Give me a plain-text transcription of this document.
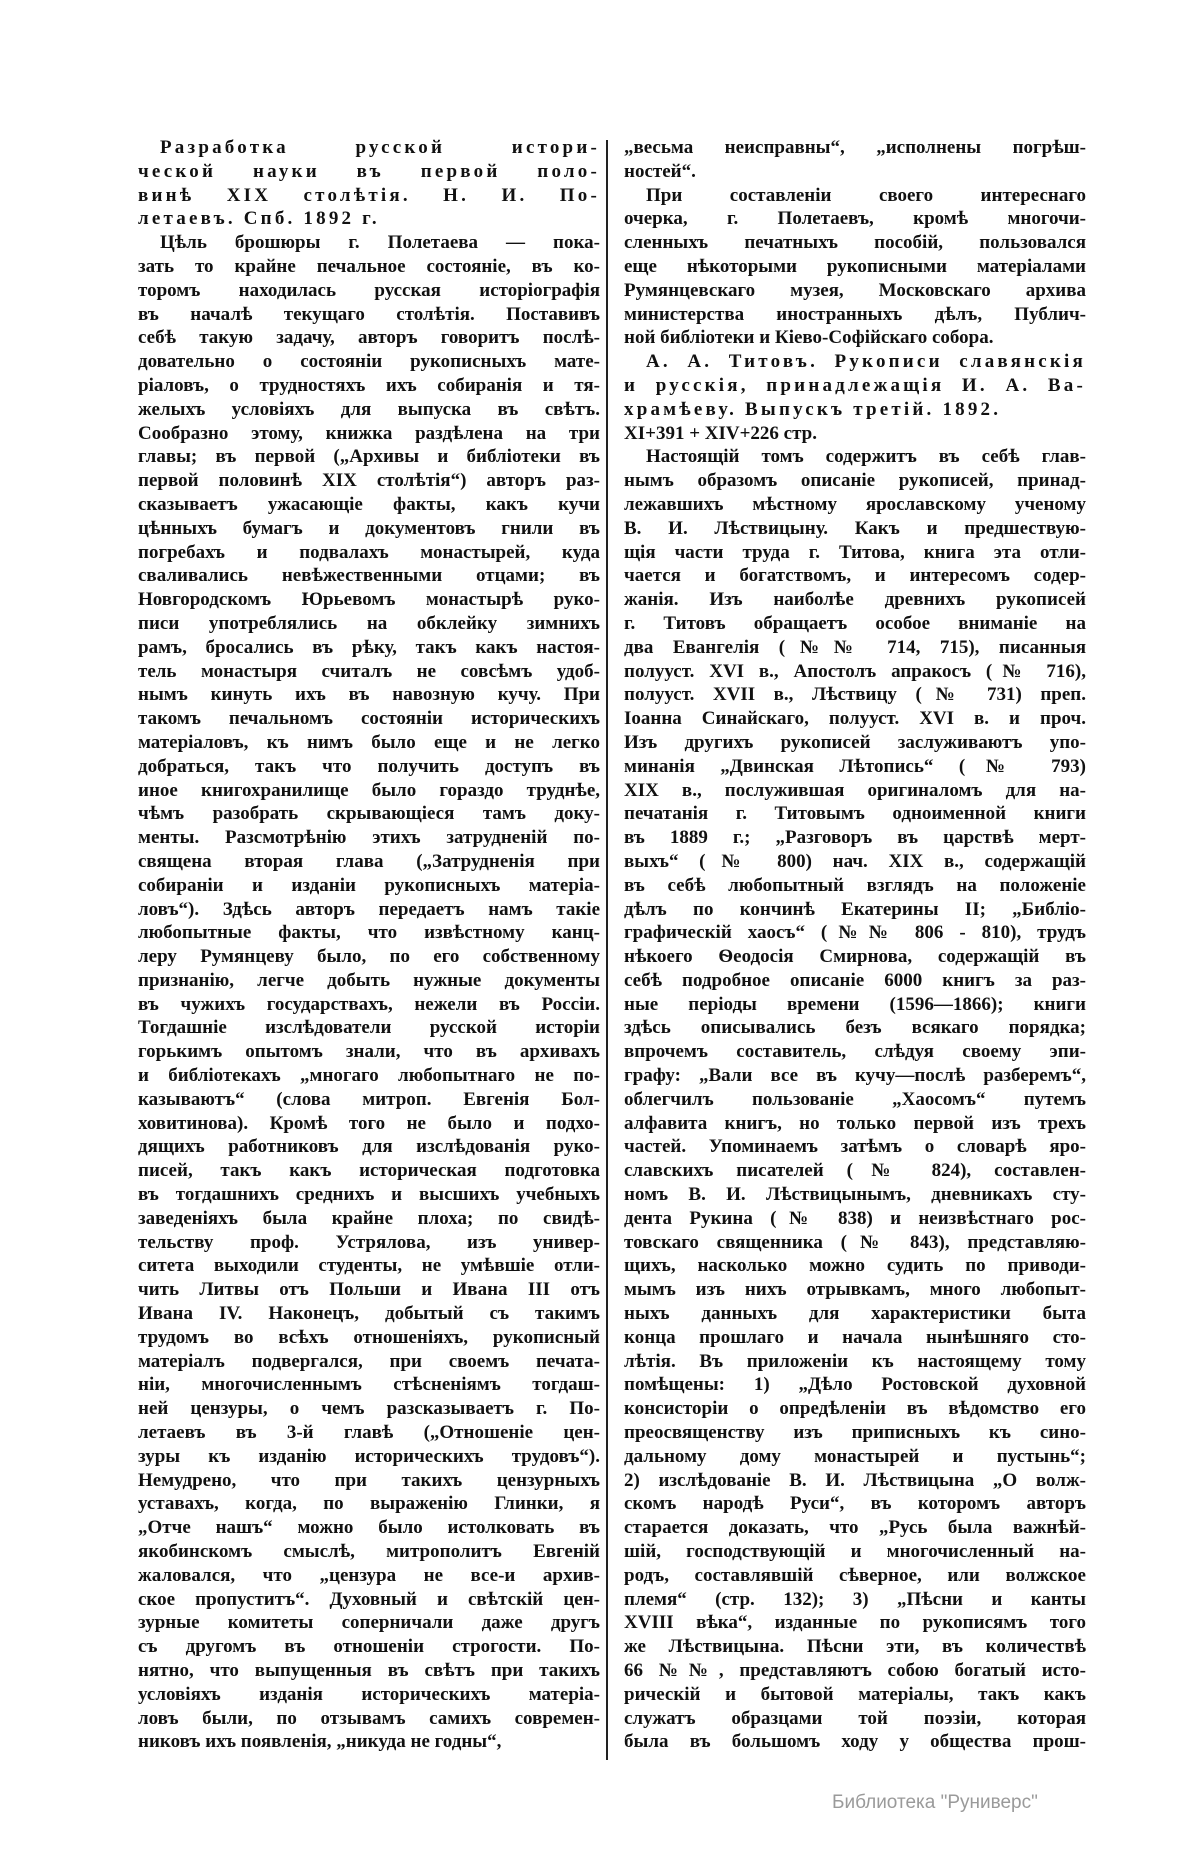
Разработка русской истори-
ческой науки въ первой поло-
винѣ XIX столѣтія. Н. И. По-
летаевъ. Спб. 1892 г.
Цѣль брошюры г. Полетаева — пока-
зать то крайне печальное состояніе, въ ко-
торомъ находилась русская исторіографія
въ началѣ текущаго столѣтія. Поставивъ
себѣ такую задачу, авторъ говоритъ послѣ-
довательно о состояніи рукописныхъ мате-
ріаловъ, о трудностяхъ ихъ собиранія и тя-
желыхъ условіяхъ для выпуска въ свѣтъ.
Сообразно этому, книжка раздѣлена на три
главы; въ первой („Архивы и библіотеки въ
первой половинѣ XIX столѣтія“) авторъ раз-
сказываетъ ужасающіе факты, какъ кучи
цѣнныхъ бумагъ и документовъ гнили въ
погребахъ и подвалахъ монастырей, куда
сваливались невѣжественными отцами; въ
Новгородскомъ Юрьевомъ монастырѣ руко-
писи употреблялись на обклейку зимнихъ
рамъ, бросались въ рѣку, такъ какъ настоя-
тель монастыря считалъ не совсѣмъ удоб-
нымъ кинуть ихъ въ навозную кучу. При
такомъ печальномъ состояніи историческихъ
матеріаловъ, къ нимъ было еще и не легко
добраться, такъ что получить доступъ въ
иное книгохранилище было гораздо труднѣе,
чѣмъ разобрать скрывающіеся тамъ доку-
менты. Разсмотрѣнію этихъ затрудненій по-
священа вторая глава („Затрудненія при
собираніи и изданіи рукописныхъ матеріа-
ловъ“). Здѣсь авторъ передаетъ намъ такіе
любопытные факты, что извѣстному канц-
леру Румянцеву было, по его собственному
признанію, легче добыть нужные документы
въ чужихъ государствахъ, нежели въ Россіи.
Тогдашніе изслѣдователи русской исторіи
горькимъ опытомъ знали, что въ архивахъ
и библіотекахъ „многаго любопытнаго не по-
казываютъ“ (слова митроп. Евгенія Бол-
ховитинова). Кромѣ того не было и подхо-
дящихъ работниковъ для изслѣдованія руко-
писей, такъ какъ историческая подготовка
въ тогдашнихъ среднихъ и высшихъ учебныхъ
заведеніяхъ была крайне плоха; по свидѣ-
тельству проф. Устрялова, изъ универ-
ситета выходили студенты, не умѣвшіе отли-
чить Литвы отъ Польши и Ивана III отъ
Ивана IV. Наконецъ, добытый съ такимъ
трудомъ во всѣхъ отношеніяхъ, рукописный
матеріалъ подвергался, при своемъ печата-
ніи, многочисленнымъ стѣсненіямъ тогдаш-
ней цензуры, о чемъ разсказываетъ г. По-
летаевъ въ 3-й главѣ („Отношеніе цен-
зуры къ изданію историческихъ трудовъ“).
Немудрено, что при такихъ цензурныхъ
уставахъ, когда, по выраженію Глинки, я
„Отче нашъ“ можно было истолковать въ
якобинскомъ смыслѣ, митрополитъ Евгеній
жаловался, что „цензура не все-и архив-
ское пропуститъ“. Духовный и свѣтскій цен-
зурные комитеты соперничали даже другъ
съ другомъ въ отношеніи строгости. По-
нятно, что выпущенныя въ свѣтъ при такихъ
условіяхъ изданія историческихъ матеріа-
ловъ были, по отзывамъ самихъ современ-
никовъ ихъ появленія, „никуда не годны“,
„весьма неисправны“, „исполнены погрѣш-
ностей“.
При составленіи своего интереснаго
очерка, г. Полетаевъ, кромѣ многочи-
сленныхъ печатныхъ пособій, пользовался
еще нѣкоторыми рукописными матеріалами
Румянцевскаго музея, Московскаго архива
министерства иностранныхъ дѣлъ, Публич-
ной библіотеки и Кіево-Софійскаго собора.
А. А. Титовъ. Рукописи славянскія
и русскія, принадлежащія И. А. Ва-
храмѣеву. Выпускъ третій. 1892.
XI+391 + XIV+226 стр.
Настоящій томъ содержитъ въ себѣ глав-
нымъ образомъ описаніе рукописей, принад-
лежавшихъ мѣстному ярославскому ученому
В. И. Лѣствицыну. Какъ и предшествую-
щія части труда г. Титова, книга эта отли-
чается и богатствомъ, и интересомъ содер-
жанія. Изъ наиболѣе древнихъ рукописей
г. Титовъ обращаетъ особое вниманіе на
два Евангелія (№№ 714, 715), писанныя
полууст. XVI в., Апостолъ апракосъ (№ 716),
полууст. XVII в., Лѣствицу (№ 731) преп.
Іоанна Синайскаго, полууст. XVI в. и проч.
Изъ другихъ рукописей заслуживаютъ упо-
минанія „Двинская Лѣтопись“ (№ 793)
XIX в., послужившая оригиналомъ для на-
печатанія г. Титовымъ одноименной книги
въ 1889 г.; „Разговоръ въ царствѣ мерт-
выхъ“ (№ 800) нач. XIX в., содержащій
въ себѣ любопытный взглядъ на положеніе
дѣлъ по кончинѣ Екатерины II; „Библіо-
графическій хаосъ“ (№№ 806 - 810), трудъ
нѣкоего Ѳеодосія Смирнова, содержащій въ
себѣ подробное описаніе 6000 книгъ за раз-
ные періоды времени (1596—1866); книги
здѣсь описывались безъ всякаго порядка;
впрочемъ составитель, слѣдуя своему эпи-
графу: „Вали все въ кучу—послѣ разберемъ“,
облегчилъ пользованіе „Хаосомъ“ путемъ
алфавита книгъ, но только первой изъ трехъ
частей. Упоминаемъ затѣмъ о словарѣ яро-
славскихъ писателей (№ 824), составлен-
номъ В. И. Лѣствицынымъ, дневникахъ сту-
дента Рукина (№ 838) и неизвѣстнаго рос-
товскаго священника (№ 843), представляю-
щихъ, насколько можно судить по приводи-
мымъ изъ нихъ отрывкамъ, много любопыт-
ныхъ данныхъ для характеристики быта
конца прошлаго и начала нынѣшняго сто-
лѣтія. Въ приложеніи къ настоящему тому
помѣщены: 1) „Дѣло Ростовской духовной
консисторіи о опредѣленіи въ вѣдомство его
преосвященству изъ приписныхъ къ сино-
дальному дому монастырей и пустынь“;
2) изслѣдованіе В. И. Лѣствицына „О волж-
скомъ народѣ Руси“, въ которомъ авторъ
старается доказать, что „Русь была важнѣй-
шій, господствующій и многочисленный на-
родъ, составлявшій сѣверное, или волжское
племя“ (стр. 132); 3) „Пѣсни и канты
XVIII вѣка“, изданные по рукописямъ того
же Лѣствицына. Пѣсни эти, въ количествѣ
66 №№, представляютъ собою богатый исто-
рическій и бытовой матеріалы, такъ какъ
служатъ образцами той поэзіи, которая
была въ большомъ ходу у общества прош-
Библиотека "Руниверс"
